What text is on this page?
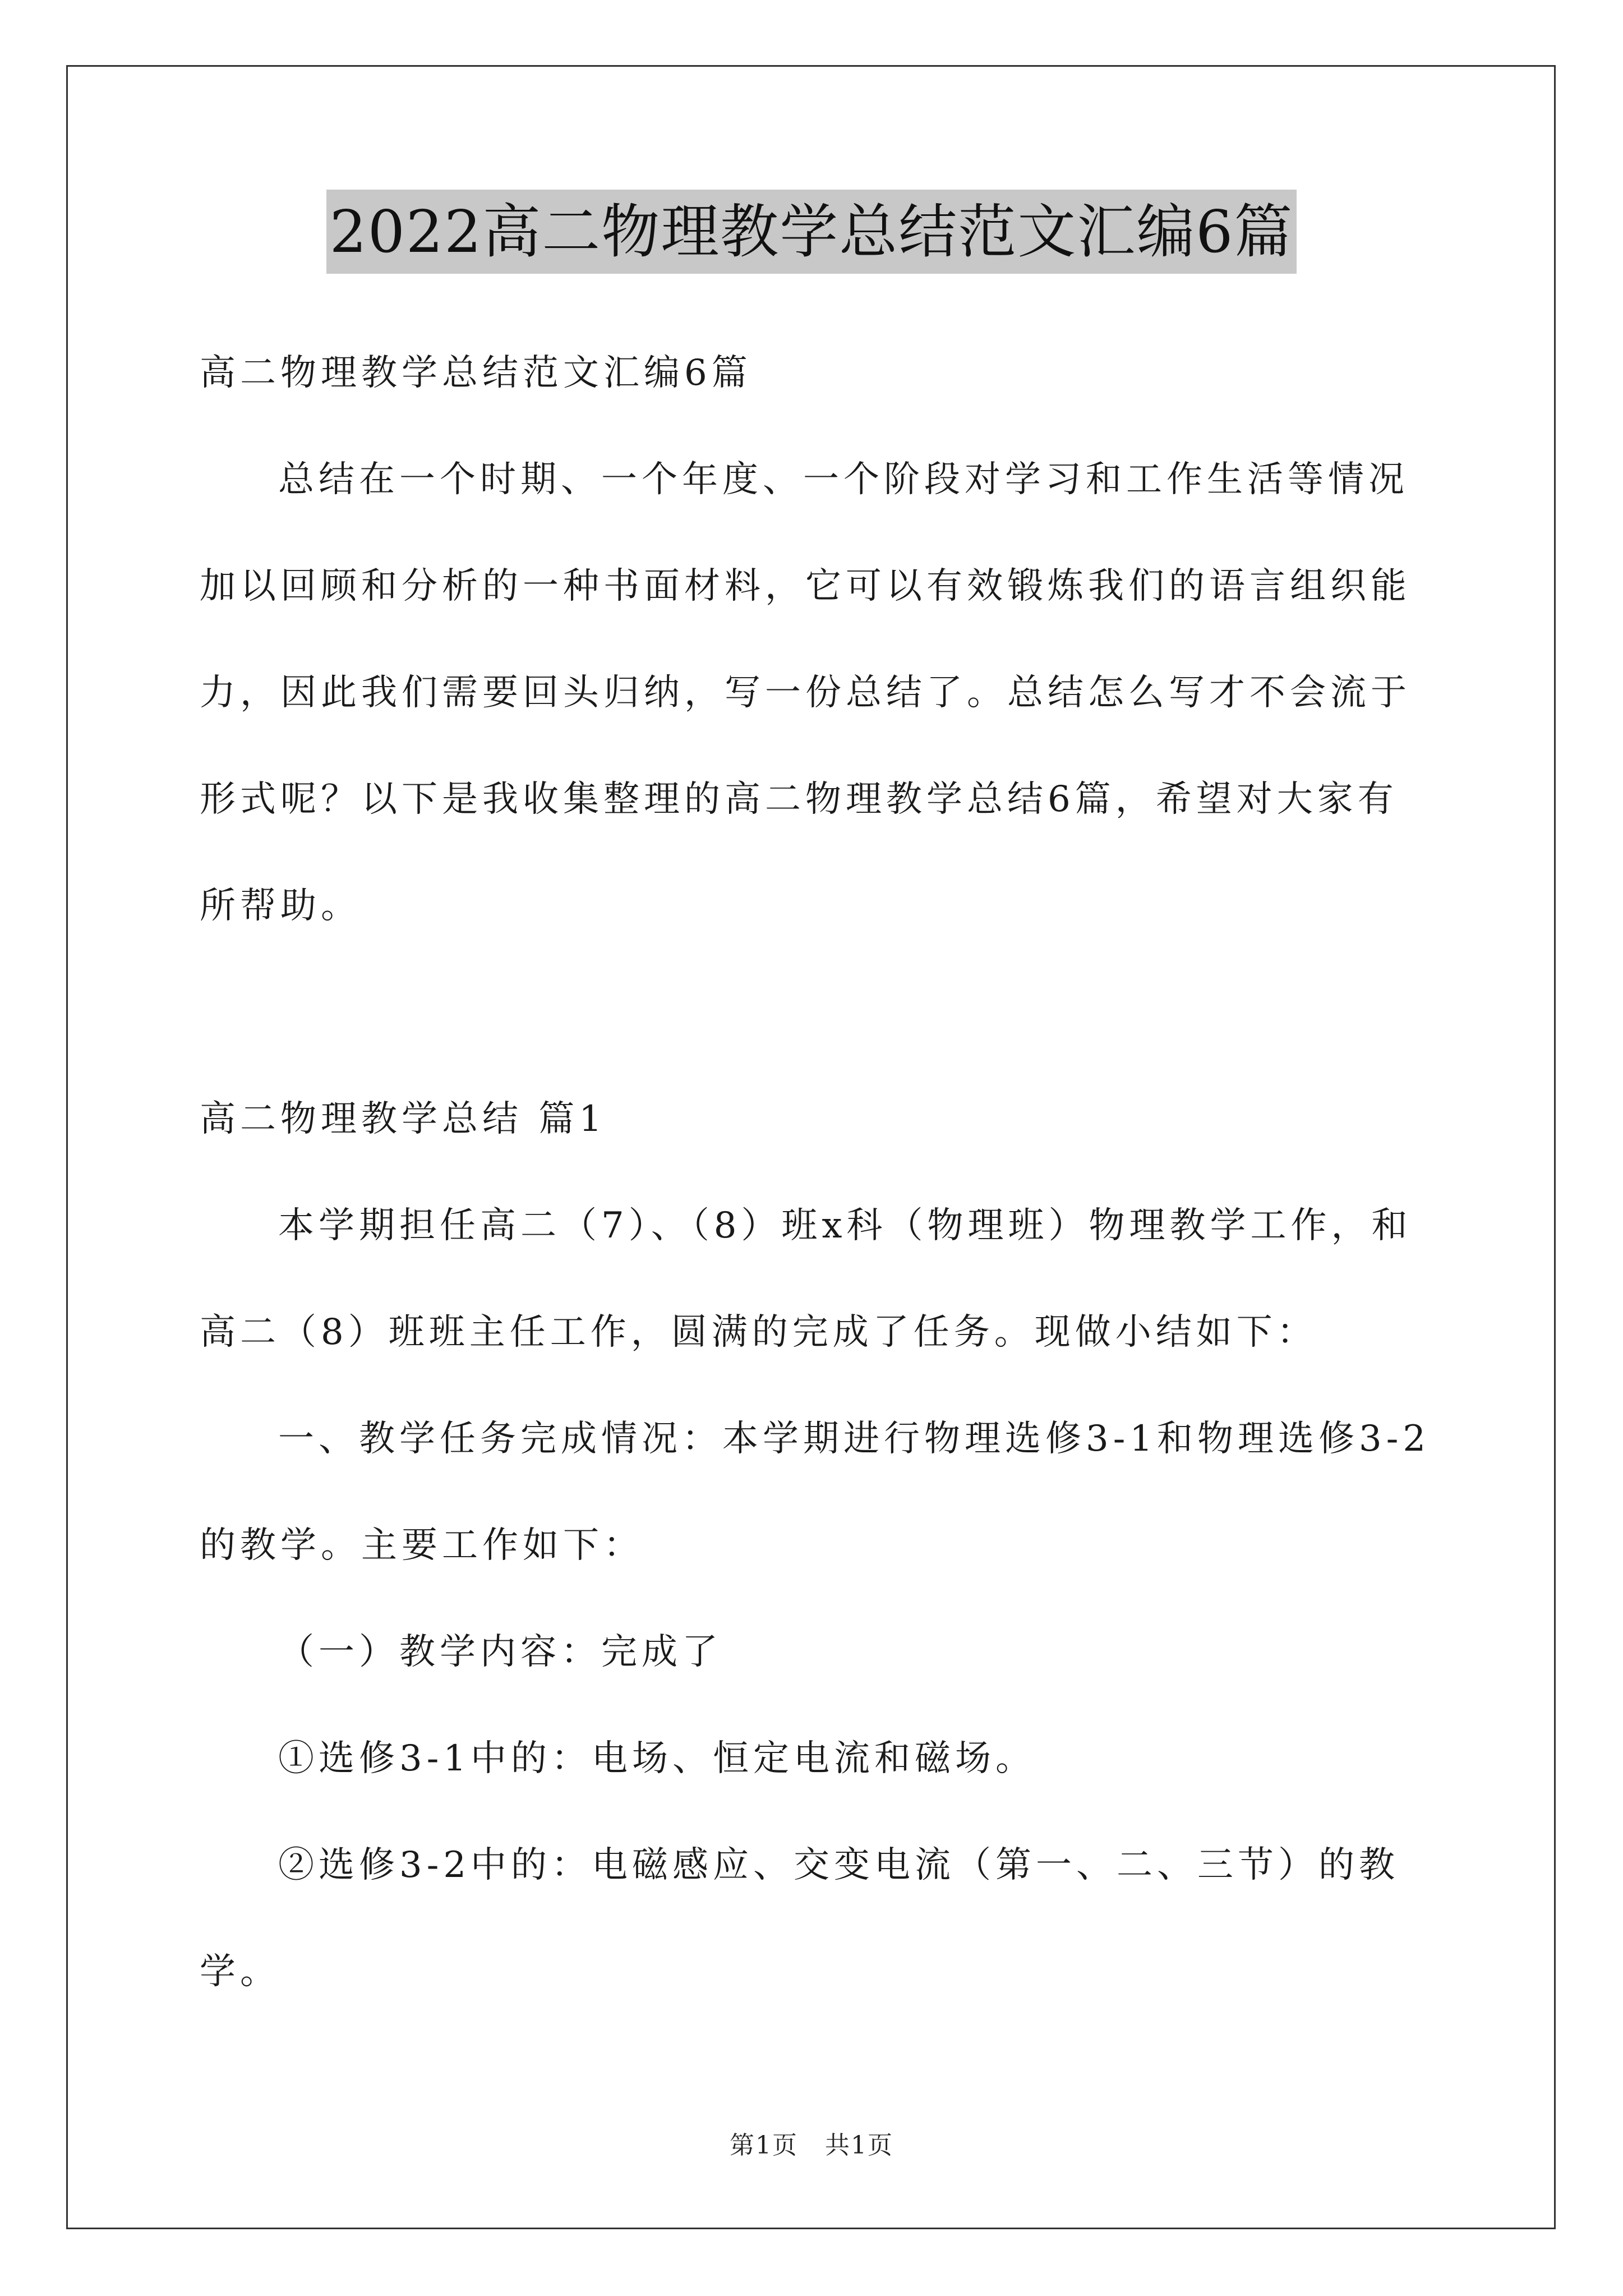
2022高二物理教学总结范文汇编6篇

高二物理教学总结范文汇编6篇

总结在一个时期、一个年度、一个阶段对学习和工作生活等情况

加以回顾和分析的一种书面材料，它可以有效锻炼我们的语言组织能

力，因此我们需要回头归纳，写一份总结了。总结怎么写才不会流于

形式呢？以下是我收集整理的高二物理教学总结6篇，希望对大家有

所帮助。

高二物理教学总结 篇1

本学期担任高二（7）、（8）班x科（物理班）物理教学工作，和

高二（8）班班主任工作，圆满的完成了任务。现做小结如下：

一、教学任务完成情况：本学期进行物理选修3-1和物理选修3-2

的教学。主要工作如下：

（一）教学内容：完成了

①选修3-1中的：电场、恒定电流和磁场。

②选修3-2中的：电磁感应、交变电流（第一、二、三节）的教

学。

第1页 共1页
